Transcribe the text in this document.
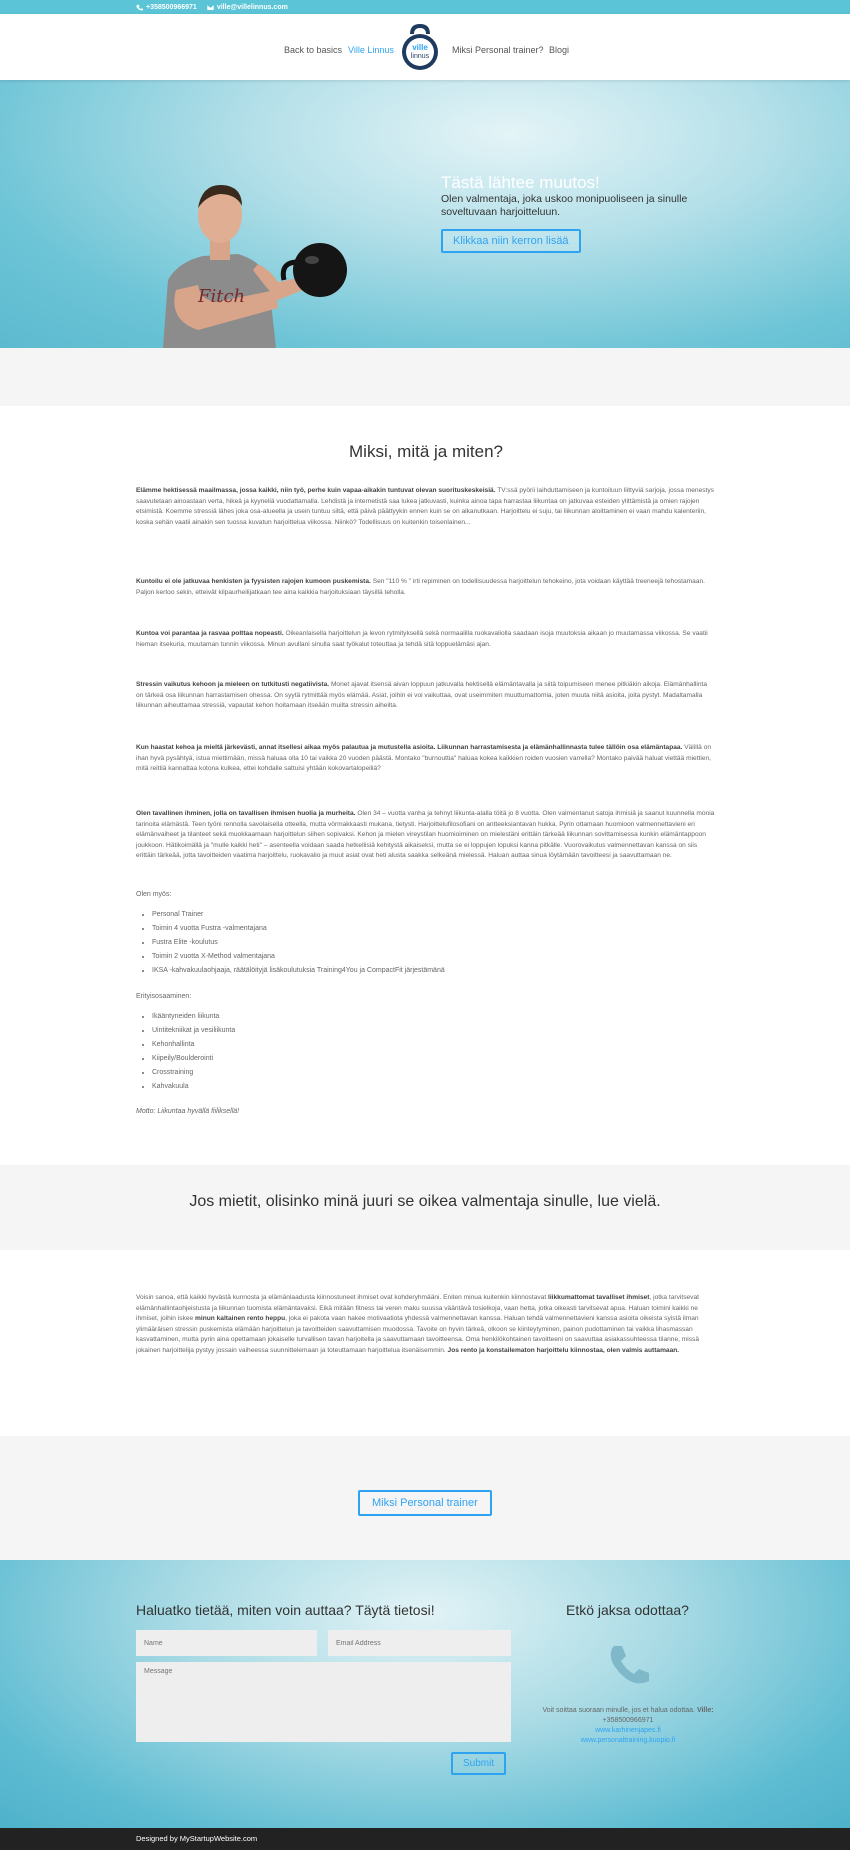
+358500966971	ville@villelinnus.com
Back to basics Ville Linnus ville
linnus
Miksi Personal trainer? Blogi
Fitch
Tästä lähtee muutos!

Olen valmentaja, joka uskoo monipuoliseen ja sinulle soveltuvaan harjoitteluun.

Klikkaa niin kerron lisää
Miksi, mitä ja miten?
Elämme hektisessä maailmassa, jossa kaikki, niin työ, perhe kuin vapaa-aikakin tuntuvat olevan suorituskeskeisiä. TV:ssä pyörii laihduttamiseen ja kuntoiluun liittyviä sarjoja, jossa menestys saavutetaan ainoastaan verta, hikeä ja kyyneliä vuodattamalla. Lehdistä ja internetistä saa lukea jatkuvasti, kuinka ainoa tapa harrastaa liikuntaa on jatkuvaa esteiden ylittämistä ja omien rajojen etsimistä. Koemme stressiä lähes joka osa-alueella ja usein tuntuu siltä, että päivä päättyykin ennen kuin se on alkanutkaan. Harjoittelu ei suju, tai liikunnan aloittaminen ei vaan mahdu kalenteriin, koska sehän vaatii ainakin sen tuossa kuvatun harjoittelua viikossa. Niinkö? Todellisuus on kuitenkin toisenlainen...
Kuntoilu ei ole jatkuvaa henkisten ja fyysisten rajojen kumoon puskemista. Sen "110 % " irti repiminen on todellisuudessa harjoittelun tehokeino, jota voidaan käyttää treeneejä tehostamaan. Paljon kertoo sekin, etteivät kilpaurheilijatkaan tee aina kaikkia harjoituksiaan täysillä teholla.
Kuntoa voi parantaa ja rasvaa polttaa nopeasti. Oikeanlaisella harjoittelun ja levon rytmityksellä sekä normaalilla ruokavaliolla saadaan isoja muutoksia aikaan jo muutamassa viikossa. Se vaatii hieman itsekuria, muutaman tunnin viikossa. Minun avullani sinulla saat työkalut toteuttaa ja tehdä sitä loppuelämäsi ajan.
Stressin vaikutus kehoon ja mieleen on tutkitusti negatiivista. Monet ajavat itsensä aivan loppuun jatkuvalla hektisellä elämäntavalla ja siitä toipumiseen menee pitkiäkin aikoja. Elämänhallinta on tärkeä osa liikunnan harrastamisen ohessa. On syytä rytmittää myös elämää. Asiat, joihin ei voi vaikuttaa, ovat useimmiten muuttumattomia, joten muuta niitä asioita, joita pystyt. Madaltamalla liikunnan aiheuttamaa stressiä, vapautat kehon hoitamaan itseään muilta stressin aiheilta.
Kun haastat kehoa ja mieltä järkevästi, annat itsellesi aikaa myös palautua ja mutustella asioita. Liikunnan harrastamisesta ja elämänhallinnasta tulee tällöin osa elämäntapaa. Välillä on ihan hyvä pysähtyä, istua miettimään, missä haluaa olla 10 tai vaikka 20 vuoden päästä. Montako "burnouttia" haluaa kokea kaikkien roiden vuosien varrella? Montako paivää haluat viettää miettien, mitä reittiä kannattaa kotona kulkea, ettei kohdalle sattuisi yhtään kokovartalopeiliä?
Olen tavallinen ihminen, jolla on tavallisen ihmisen huolia ja murheita. Olen 34 – vuotta vanha ja tehnyt liikunta-alalla töitä jo 8 vuotta. Olen valmentanut satoja ihmisiä ja saanut kuunnella monia tarinoita elämästä. Teen työni rennolla savolaisella otteella, mutta vörmakkaasti mukana, tietysti. Harjoittelufilosofiani on antteeksiantavan hukka. Pyrin ottamaan huomioon valmennettavieni eri elämänvaiheet ja tilanteet sekä muokkaamaan harjoittelun siihen sopivaksi. Kehon ja mielen vireystilan huomioiminen on mielestäni erittäin tärkeää liikunnan sovittamisessa kunkin elämäntappoon joukkoon. Hätikoimällä ja "mulle kaikki heti" – asenteella voidaan saada hetkellisiä kehitystä aikaiseksi, mutta se ei loppujen lopuksi kanna pitkälle. Vuorovaikutus valmennettavan kanssa on siis erittäin tärkeää, jotta tavoitteiden vaatima harjoittelu, ruokavalio ja muut asiat ovat heti alusta saakka selkeänä mielessä. Haluan auttaa sinua löytämään tavoitteesi ja saavuttamaan ne.
Olen myös:
• Personal Trainer
• Toimin 4 vuotta Fustra -valmentajana
• Fustra Elite -koulutus
• Toimin 2 vuotta X-Method valmentajana
• IKSA -kahvakuulaohjaaja, räätälöityjä lisäkoulutuksia Training4You ja CompactFit järjestämänä
Erityisosaaminen:
• Ikääntyneiden liikunta
• Uintitekniikat ja vesiliikunta
• Kehonhallinta
• Kiipeily/Boulderointi
• Crosstraining
• Kahvakuula
Motto: Liikuntaa hyvällä fiiliksellä!
Jos mietit, olisinko minä juuri se oikea valmentaja sinulle, lue vielä.
Voisin sanoa, että kaikki hyvästä kunnosta ja elämänlaadusta kiinnostuneet ihmiset ovat kohderyhmääni. Eniten minua kuitenkin kiinnostavat liikkumattomat tavalliset ihmiset, jotka tarvitsevat elämänhallintaohjeistusta ja liikunnan tuomista elämäntavaksi. Eikä mitään fitness tai veren maku suussa vääntävä tosielkoja, vaan hetta, jotka oikeasti tarvitsevat apua. Haluan toimini kaikki ne ihmiset, joihin iskee minun kaltainen rento heppu, joka ei pakota vaan hakee motivaatiota yhdessä valmennettavan kanssa. Haluan tehdä valmennettavieni kanssa asioita oikeista syistä ilman ylimääräisen stressin puskemista elämään harjoittelun ja tavoitteiden saavuttamisen muodossa. Tavoite on hyvin tärkeä, olkoon se kiinteytyminen, painon pudottaminen tai vaikka lihasmassan kasvattaminen, mutta pyrin aina opettamaan jokaiselle turvallisen tavan harjoitella ja saavuttamaan tavoitteensa. Oma henkilökohtainen tavoitteeni on saavuttaa asiakassuhteessa tilanne, missä jokainen harjoittelija pystyy jossain vaiheessa suunnittelemaan ja toteuttamaan harjoittelua itsenäisemmin. Jos rento ja konstailematon harjoittelu kiinnostaa, olen valmis auttamaan.
Miksi Personal trainer
Haluatko tietää, miten voin auttaa? Täytä tietosi!
Name
Email Address
Message
Submit
Etkö jaksa odottaa?
Voit soittaa suoraan minulle, jos et halua odottaa. Ville: +358500966971
www.karhinenjapes.fi
www.personaltraining.kuopio.fi
Designed by MyStartupWebsite.com
